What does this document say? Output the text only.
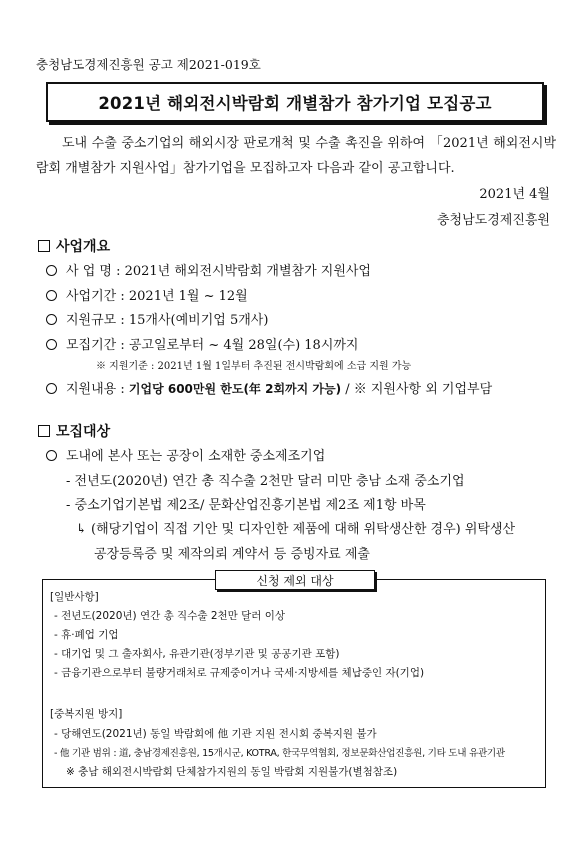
충청남도경제진흥원 공고 제2021-019호
2021년 해외전시박람회 개별참가 참가기업 모집공고
도내 수출 중소기업의 해외시장 판로개척 및 수출 촉진을 위하여 「2021년 해외전시박람회 개별참가 지원사업」참가기업을 모집하고자 다음과 같이 공고합니다.
2021년 4월
충청남도경제진흥원
사업개요
사 업 명 : 2021년 해외전시박람회 개별참가 지원사업
사업기간 : 2021년 1월 ~ 12월
지원규모 : 15개사(예비기업 5개사)
모집기간 : 공고일로부터 ~ 4월 28일(수) 18시까지
※ 지원기준 : 2021년 1월 1일부터 추진된 전시박람회에 소급 지원 가능
지원내용 : 기업당 600만원 한도(年 2회까지 가능) / ※ 지원사항 외 기업부담
모집대상
도내에 본사 또는 공장이 소재한 중소제조기업
- 전년도(2020년) 연간 총 직수출 2천만 달러 미만 충남 소재 중소기업
- 중소기업기본법 제2조/ 문화산업진흥기본법 제2조 제1항 바목
↳ (해당기업이 직접 기안 및 디자인한 제품에 대해 위탁생산한 경우) 위탁생산
공장등록증 및 제작의뢰 계약서 등 증빙자료 제출
신청 제외 대상
[일반사항]
- 전년도(2020년) 연간 총 직수출 2천만 달러 이상
- 휴·폐업 기업
- 대기업 및 그 출자회사, 유관기관(정부기관 및 공공기관 포함)
- 금융기관으로부터 불량거래처로 규제중이거나 국세·지방세를 체납중인 자(기업)
[중복지원 방지]
- 당해연도(2021년) 동일 박람회에 他 기관 지원 전시회 중복지원 불가
- 他 기관 범위 : 道, 충남경제진흥원, 15개시군, KOTRA, 한국무역협회, 정보문화산업진흥원, 기타 도내 유관기관
※ 충남 해외전시박람회 단체참가지원의 동일 박람회 지원불가(별첨참조)
